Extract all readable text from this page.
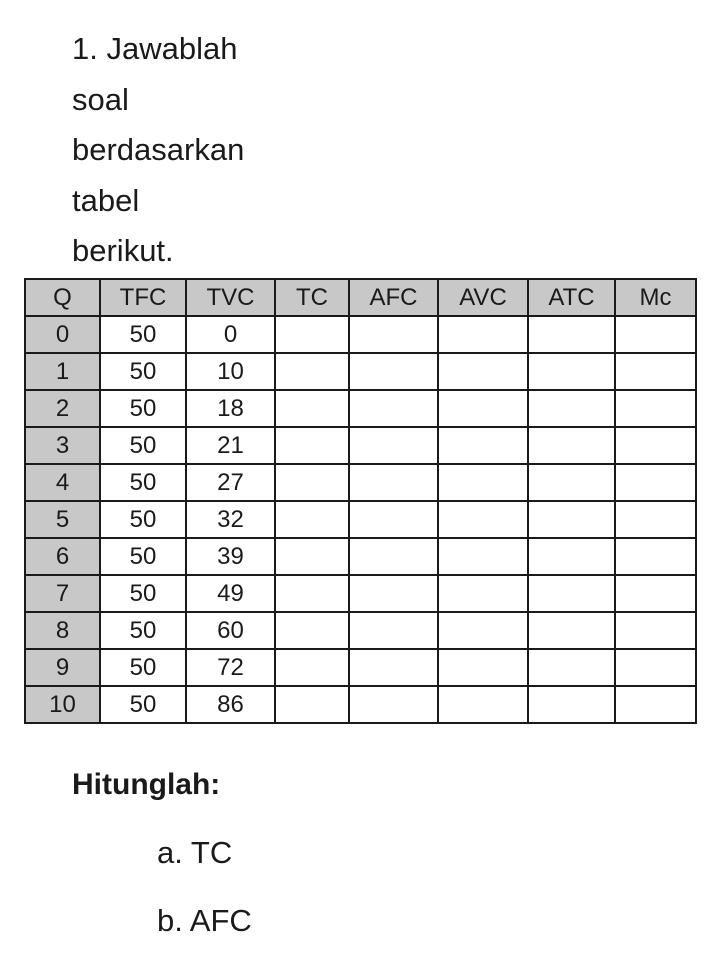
1. Jawablah
soal
berdasarkan
tabel
berikut.
Q	TFC	TVC	TC	AFC	AVC	ATC	Mc
0	50	0					
1	50	10					
2	50	18					
3	50	21					
4	50	27					
5	50	32					
6	50	39					
7	50	49					
8	50	60					
9	50	72					
10	50	86					

Hitunglah:

a. TC
b. AFC
